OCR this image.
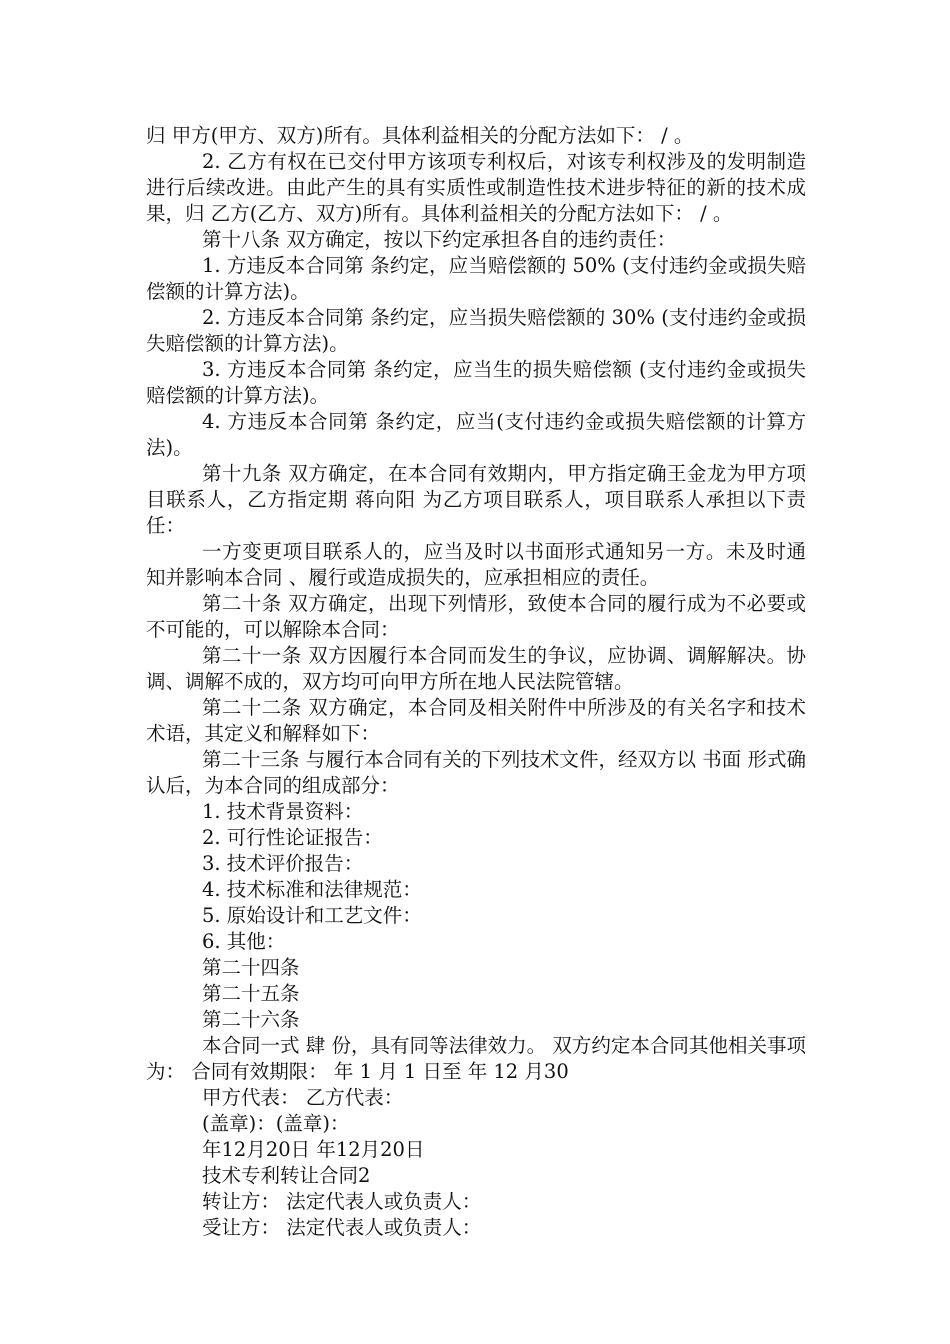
归 甲方(甲方、双方)所有。具体利益相关的分配方法如下： / 。

2. 乙方有权在已交付甲方该项专利权后，对该专利权涉及的发明制造进行后续改进。由此产生的具有实质性或制造性技术进步特征的新的技术成果，归 乙方(乙方、双方)所有。具体利益相关的分配方法如下： / 。

第十八条 双方确定，按以下约定承担各自的违约责任：

1. 方违反本合同第 条约定，应当赔偿额的 50% (支付违约金或损失赔偿额的计算方法)。

2. 方违反本合同第 条约定，应当损失赔偿额的 30% (支付违约金或损失赔偿额的计算方法)。

3. 方违反本合同第 条约定，应当生的损失赔偿额 (支付违约金或损失赔偿额的计算方法)。

4. 方违反本合同第 条约定，应当(支付违约金或损失赔偿额的计算方法)。

第十九条 双方确定，在本合同有效期内，甲方指定确王金龙为甲方项目联系人，乙方指定期 蒋向阳 为乙方项目联系人，项目联系人承担以下责任：

一方变更项目联系人的，应当及时以书面形式通知另一方。未及时通知并影响本合同 、履行或造成损失的，应承担相应的责任。

第二十条 双方确定，出现下列情形，致使本合同的履行成为不必要或不可能的，可以解除本合同：

第二十一条 双方因履行本合同而发生的争议，应协调、调解解决。协调、调解不成的，双方均可向甲方所在地人民法院管辖。

第二十二条 双方确定，本合同及相关附件中所涉及的有关名字和技术术语，其定义和解释如下：

第二十三条 与履行本合同有关的下列技术文件，经双方以 书面 形式确认后，为本合同的组成部分：

1. 技术背景资料：

2. 可行性论证报告：

3. 技术评价报告：

4. 技术标准和法律规范：

5. 原始设计和工艺文件：

6. 其他：

第二十四条

第二十五条

第二十六条

本合同一式 肆 份，具有同等法律效力。 双方约定本合同其他相关事项为： 合同有效期限： 年 1 月 1 日至 年 12 月30

甲方代表： 乙方代表：

(盖章)：(盖章)：

年12月20日 年12月20日

技术专利转让合同2

转让方： 法定代表人或负责人：

受让方： 法定代表人或负责人：
